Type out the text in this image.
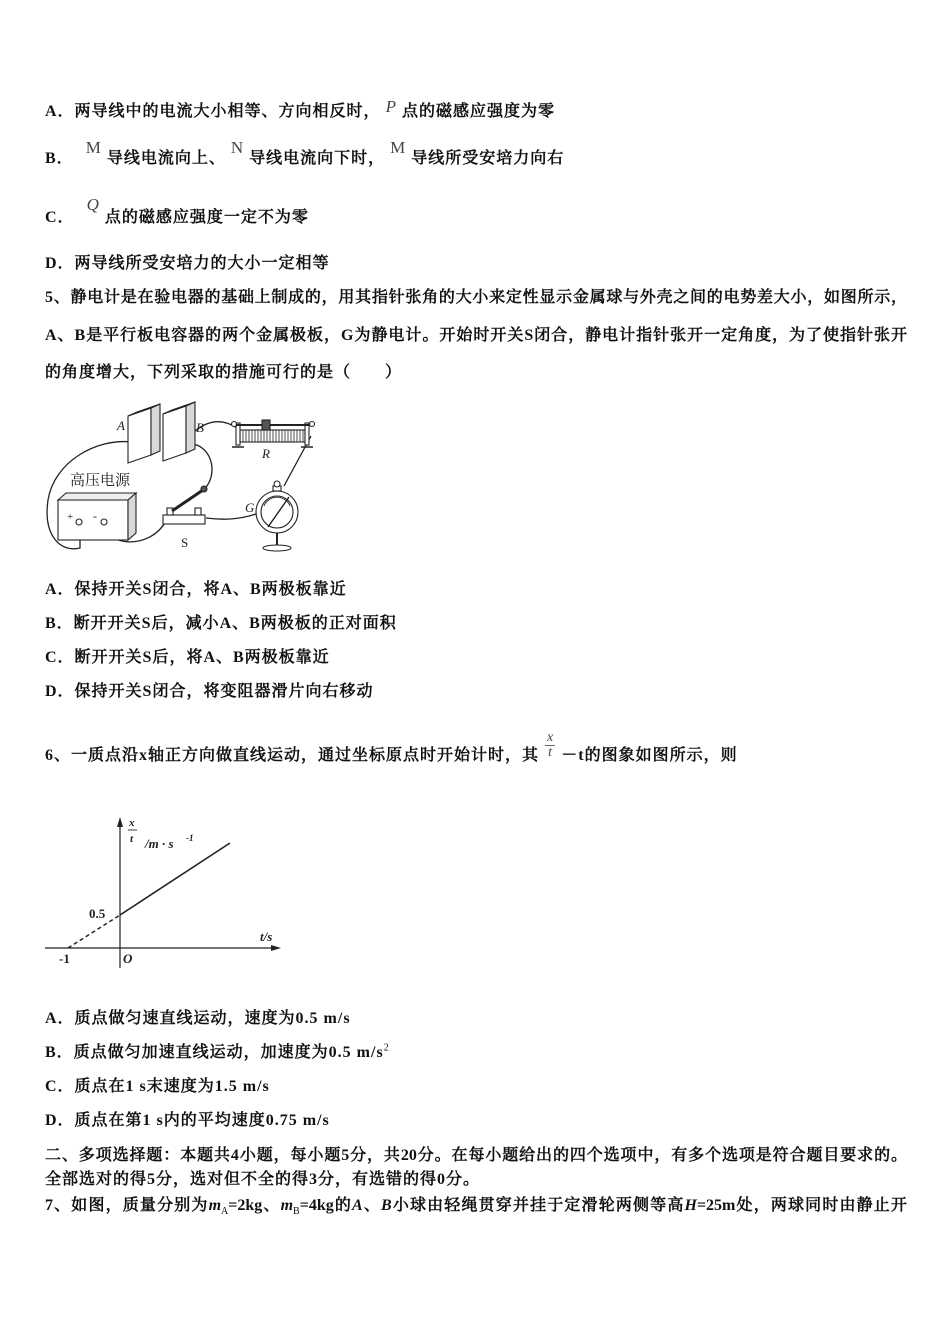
A．两导线中的电流大小相等、方向相反时， P 点的磁感应强度为零
B．M导线电流向上、N导线电流向下时，M导线所受安培力向右
C．Q点的磁感应强度一定不为零
D．两导线所受安培力的大小一定相等
5、静电计是在验电器的基础上制成的，用其指针张角的大小来定性显示金属球与外壳之间的电势差大小，如图所示，
A、B是平行板电容器的两个金属极板，G为静电计。开始时开关S闭合，静电计指针张开一定角度，为了使指针张开
的角度增大，下列采取的措施可行的是（　　）
A	B
R
高压电源
+ -
S
G
A．保持开关S闭合，将A、B两极板靠近
B．断开开关S后，减小A、B两极板的正对面积
C．断开开关S后，将A、B两极板靠近
D．保持开关S闭合，将变阻器滑片向右移动
6、一质点沿x轴正方向做直线运动，通过坐标原点时开始计时，其 $\frac{x}{t} -t$的图象如图所示，则
x
t /m · s -1
0.5
-1	O
t/s
A．质点做匀速直线运动，速度为0.5 m/s
B．质点做匀加速直线运动，加速度为0.5 $m/s^2$
C．质点在1 s末速度为1.5 m/s
D．质点在第1 s内的平均速度0.75 m/s
二、多项选择题：本题共4小题，每小题5分，共20分。在每小题给出的四个选项中，有多个选项是符合题目要求的。
全部选对的得5分，选对但不全的得3分，有选错的得0分。
7、如图，质量分别为$m_A=2kg$、$m_B=4kg$的A、B小球由轻绳贯穿并挂于定滑轮两侧等高H=25m处，两球同时由静止开
